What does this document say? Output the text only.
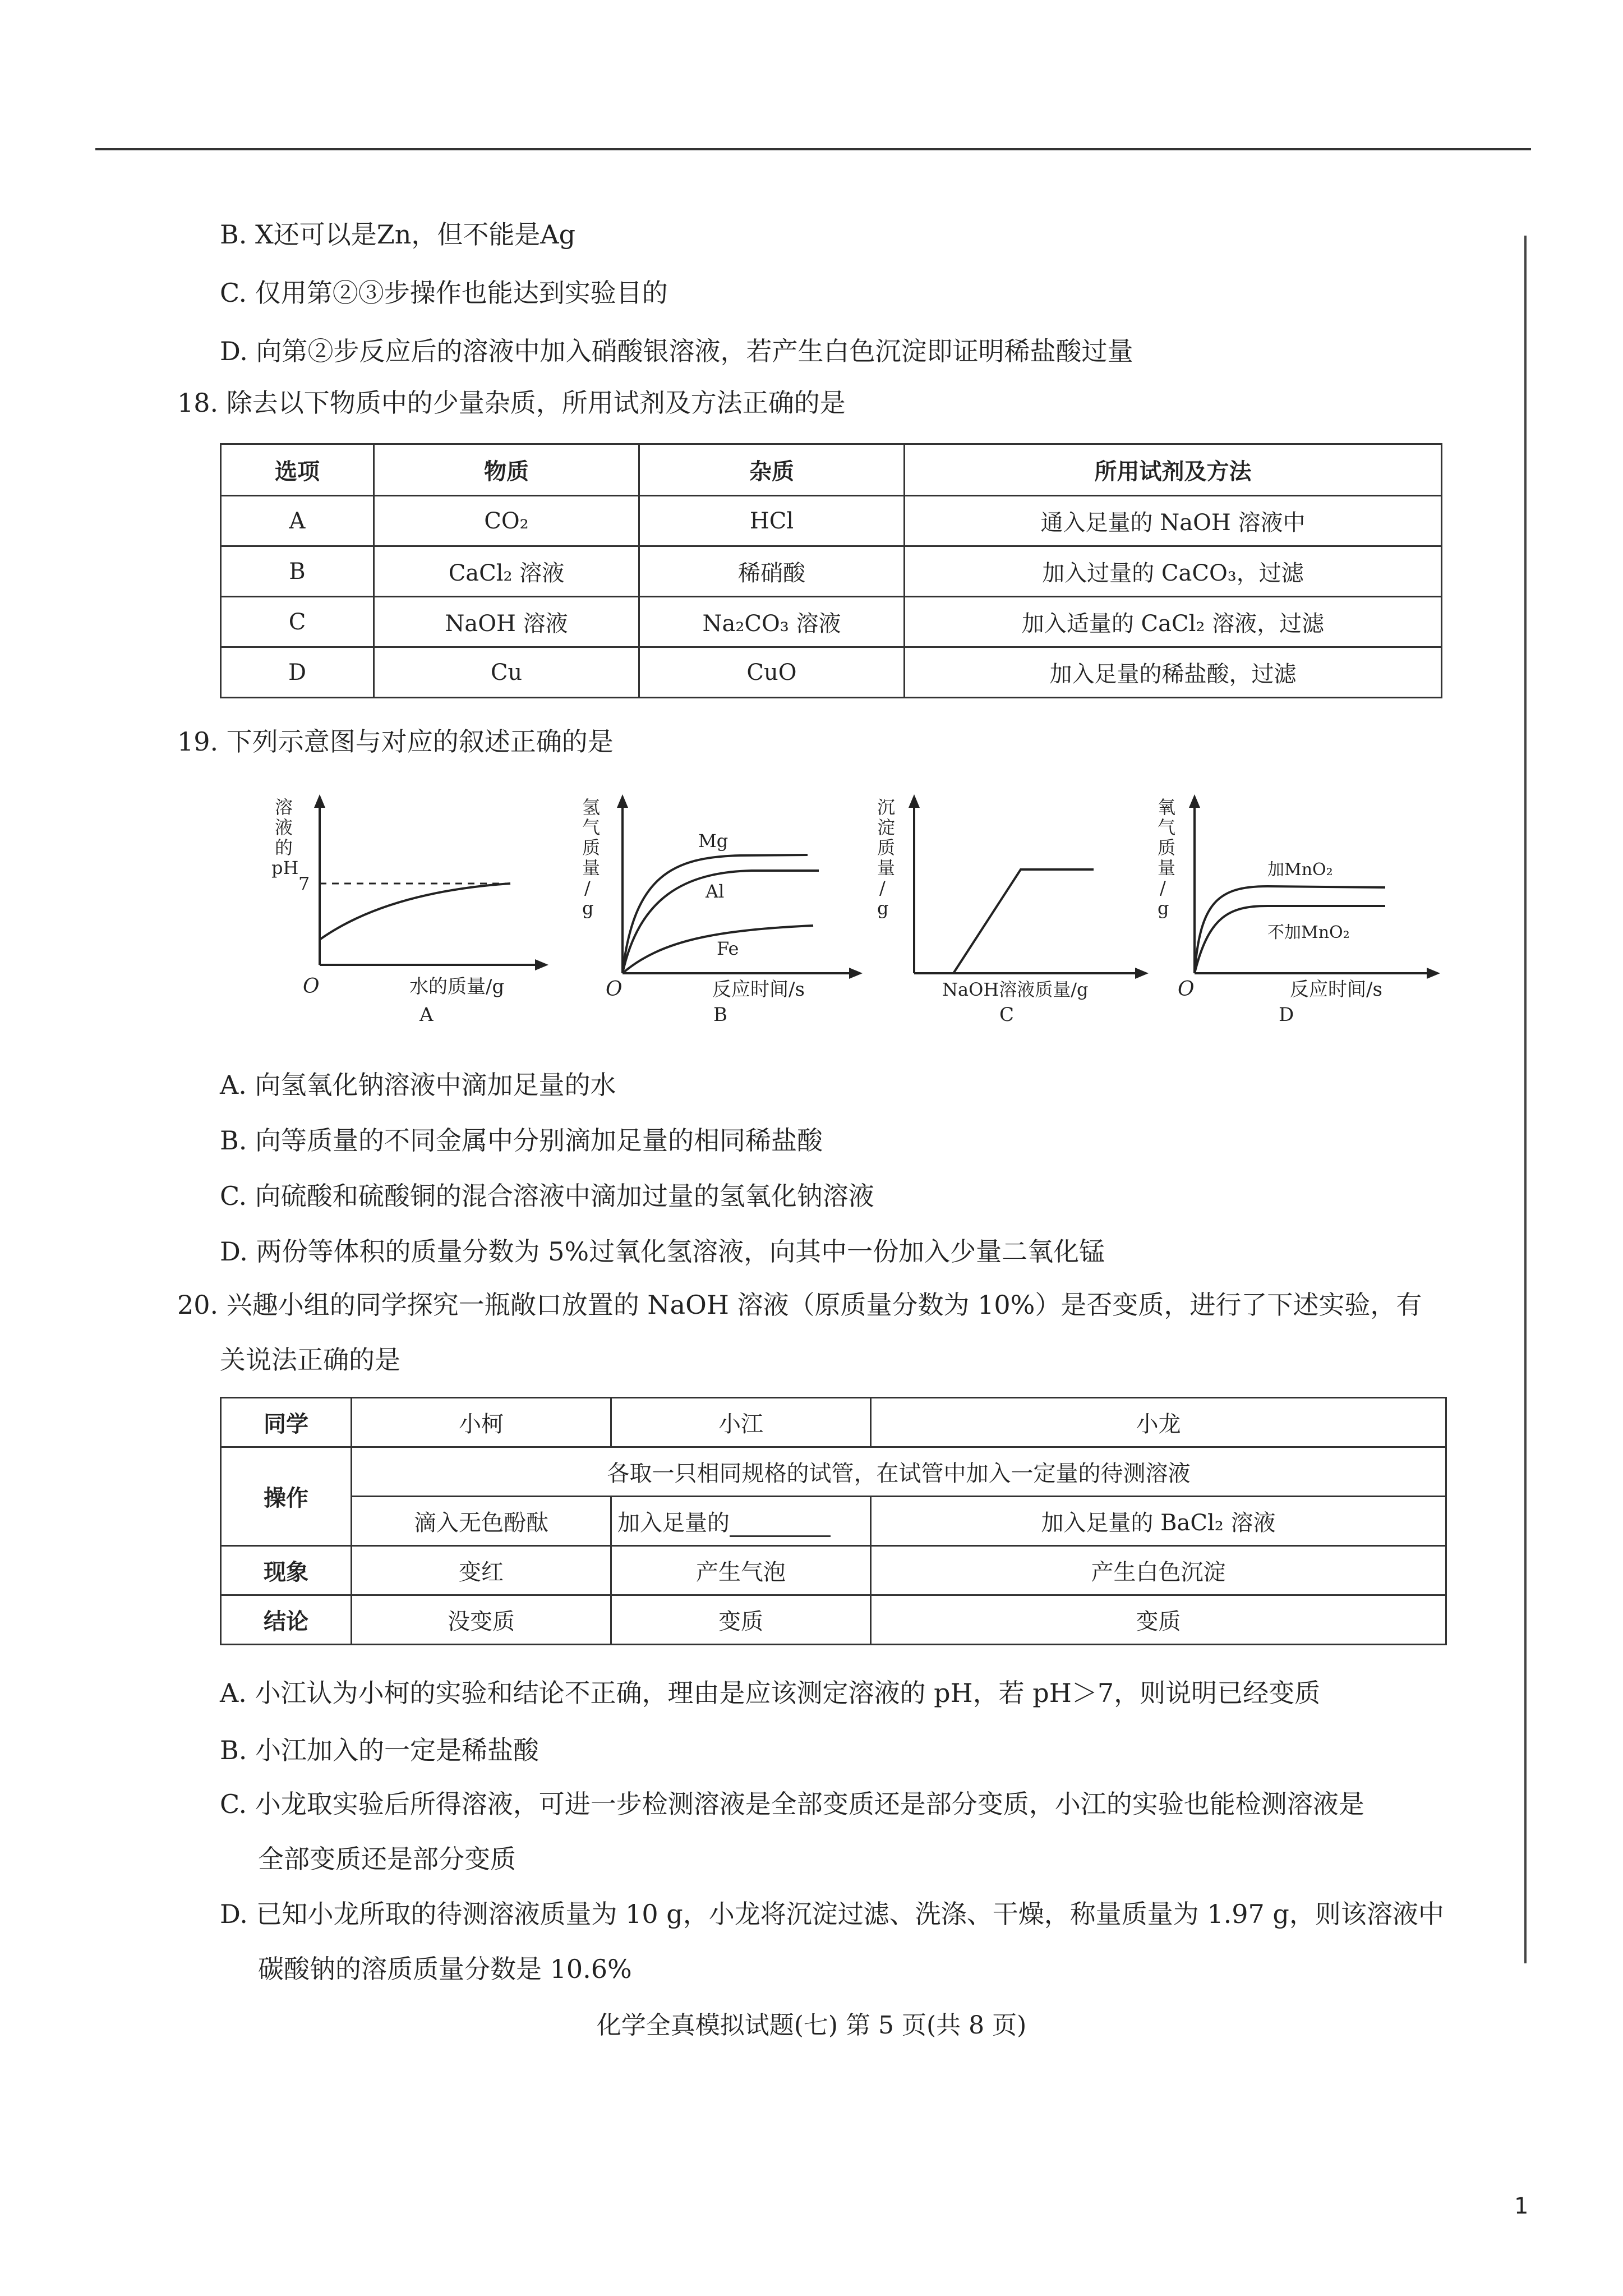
B. X还可以是Zn，但不能是Ag
C. 仅用第②③步操作也能达到实验目的
D. 向第②步反应后的溶液中加入硝酸银溶液，若产生白色沉淀即证明稀盐酸过量
18. 除去以下物质中的少量杂质，所用试剂及方法正确的是
选项	物质	杂质	所用试剂及方法
A	CO₂	HCl	通入足量的 NaOH 溶液中
B	CaCl₂ 溶液	稀硝酸	加入过量的 CaCO₃，过滤
C	NaOH 溶液	Na₂CO₃ 溶液	加入适量的 CaCl₂ 溶液，过滤
D	Cu	CuO	加入足量的稀盐酸，过滤
19. 下列示意图与对应的叙述正确的是
溶
液
的
pH
7
O	水的质量/g
A
氢
气
质
量
/
g
Mg
Al
Fe
O	反应时间/s
B
沉
淀
质
量
/
g
NaOH溶液质量/g
C
氧
气
质
量
/
g
加MnO₂
不加MnO₂
O	反应时间/s
D
A. 向氢氧化钠溶液中滴加足量的水
B. 向等质量的不同金属中分别滴加足量的相同稀盐酸
C. 向硫酸和硫酸铜的混合溶液中滴加过量的氢氧化钠溶液
D. 两份等体积的质量分数为 5%过氧化氢溶液，向其中一份加入少量二氧化锰
20. 兴趣小组的同学探究一瓶敞口放置的 NaOH 溶液（原质量分数为 10%）是否变质，进行了下述实验，有
关说法正确的是
同学	小柯	小江	小龙
操作	各取一只相同规格的试管，在试管中加入一定量的待测溶液		
	滴入无色酚酞	加入足量的	加入足量的 BaCl₂ 溶液
现象	变红	产生气泡	产生白色沉淀
结论	没变质	变质	变质
A. 小江认为小柯的实验和结论不正确，理由是应该测定溶液的 pH，若 pH＞7，则说明已经变质
B. 小江加入的一定是稀盐酸
C. 小龙取实验后所得溶液，可进一步检测溶液是全部变质还是部分变质，小江的实验也能检测溶液是
全部变质还是部分变质
D. 已知小龙所取的待测溶液质量为 10 g，小龙将沉淀过滤、洗涤、干燥，称量质量为 1.97 g，则该溶液中
碳酸钠的溶质质量分数是 10.6%
化学全真模拟试题(七) 第 5 页(共 8 页)
1
